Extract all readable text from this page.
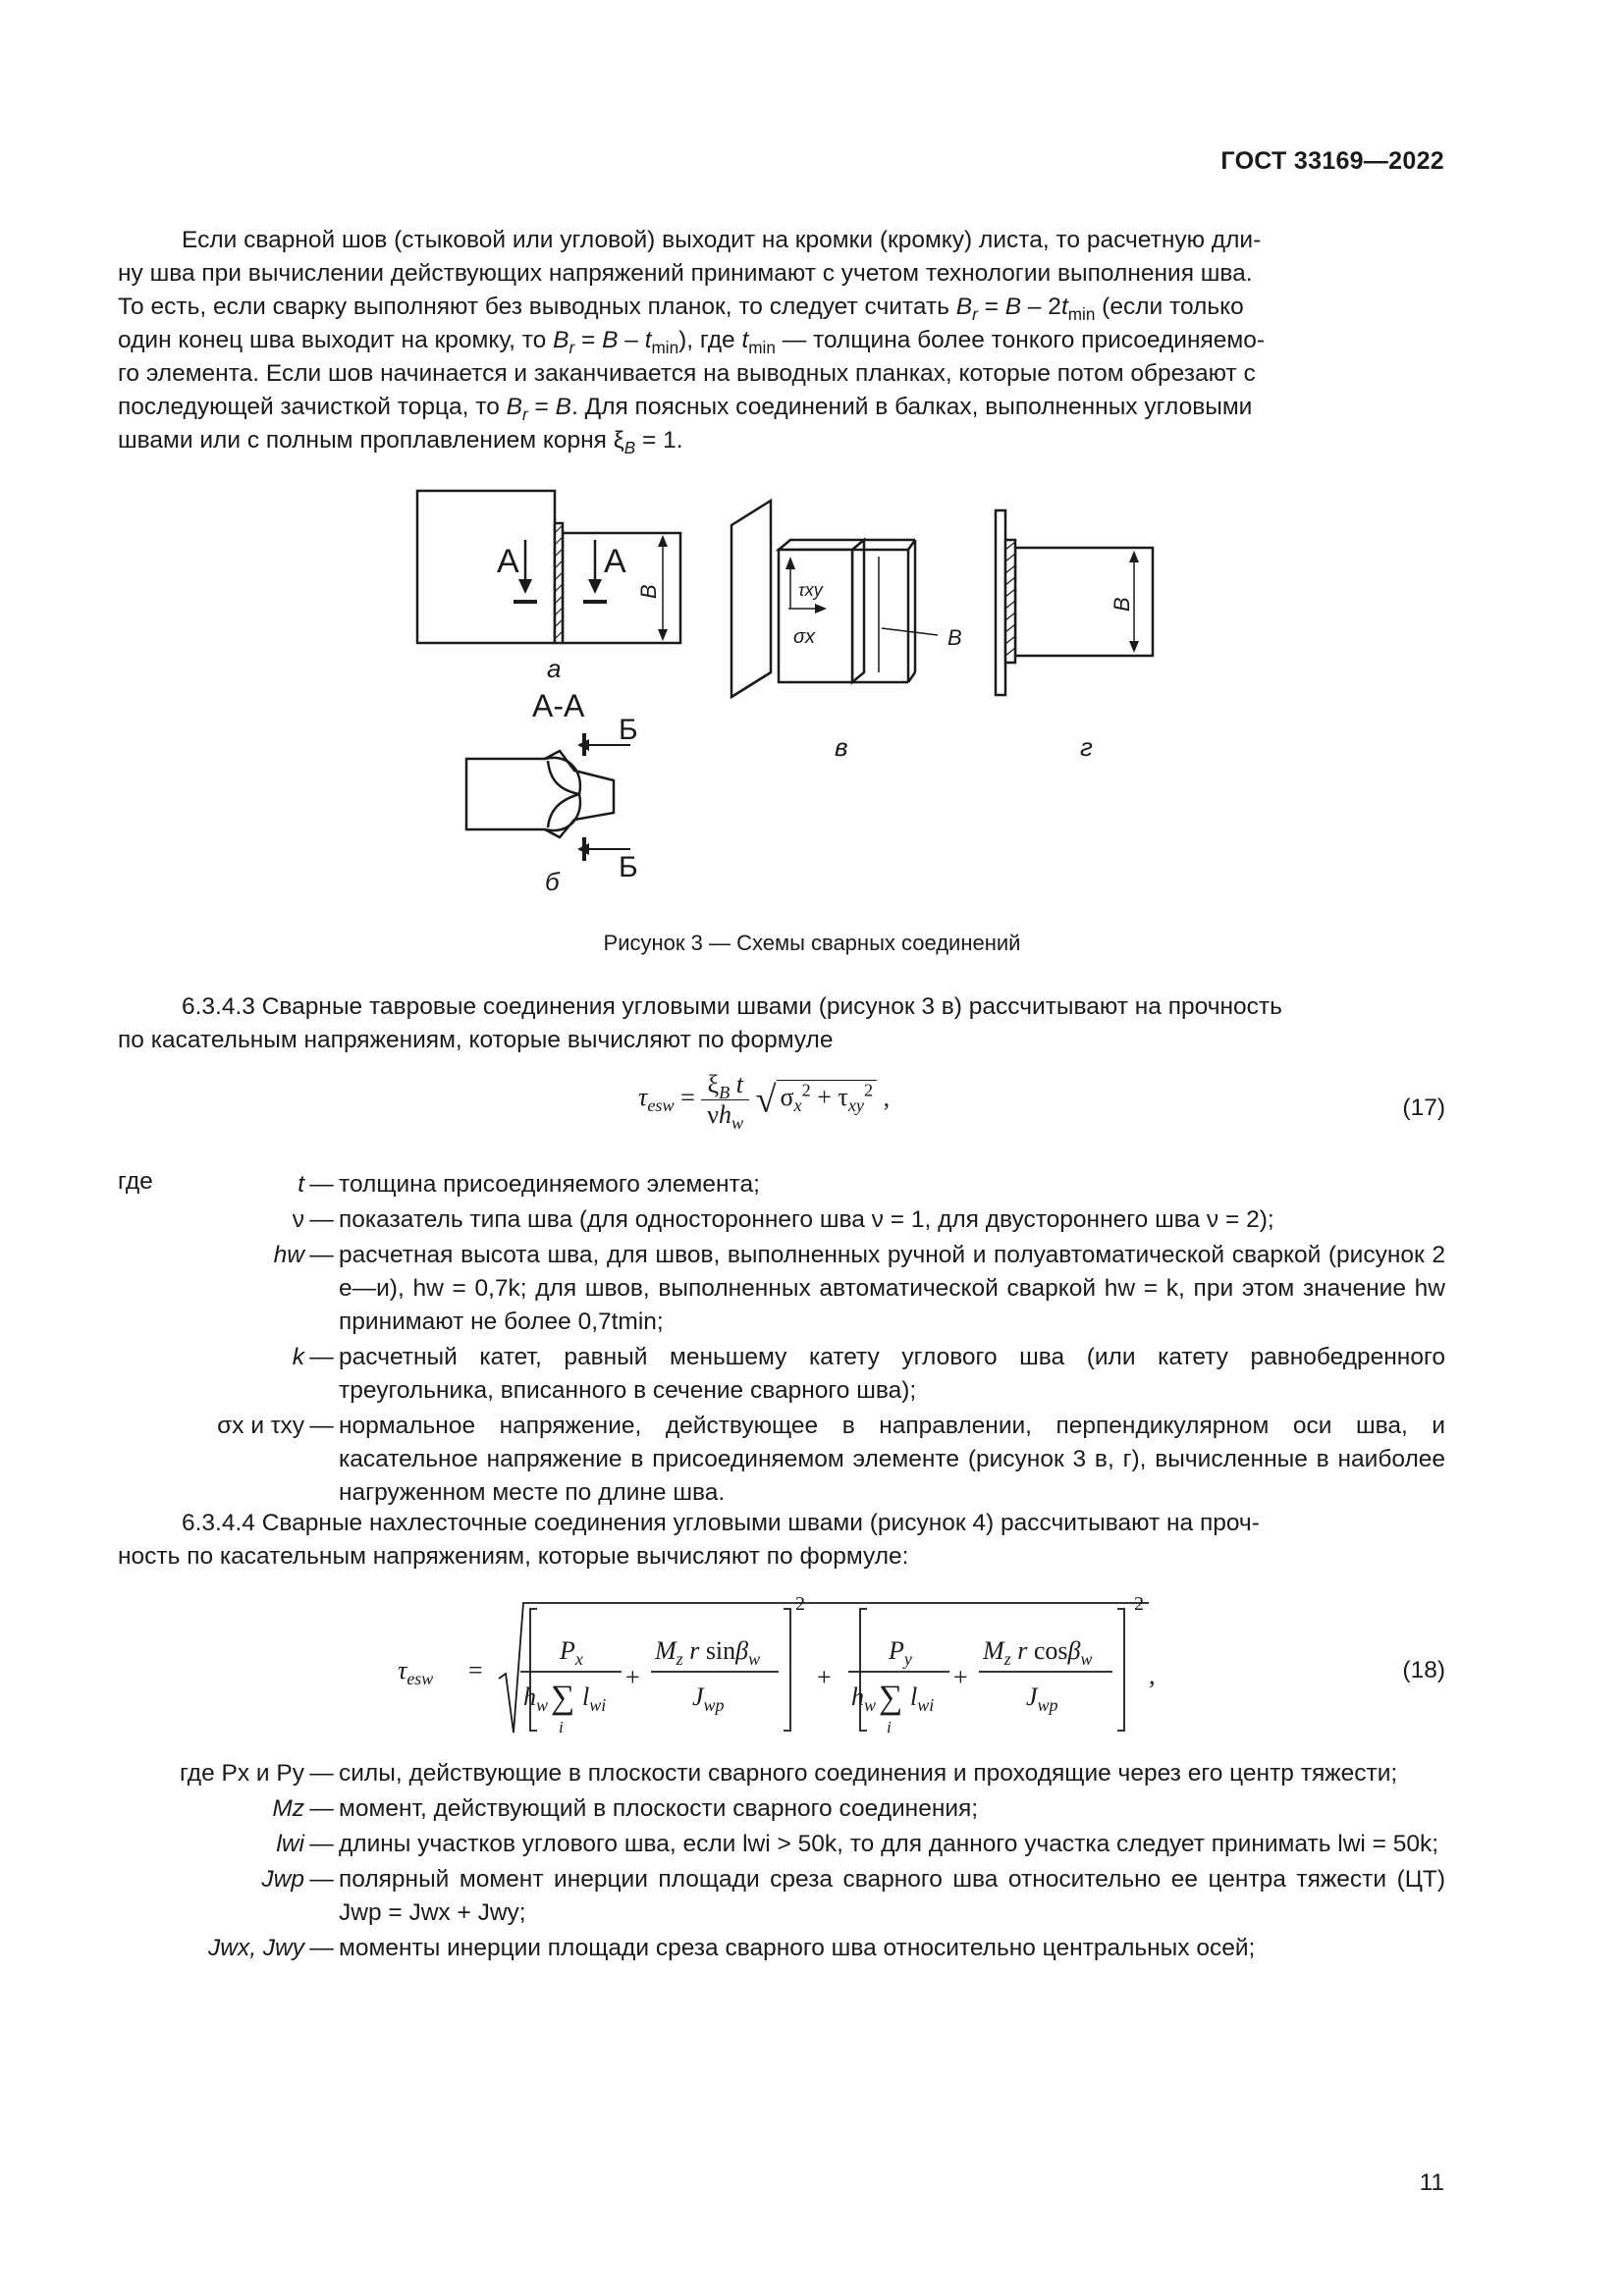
ГОСТ 33169—2022

Если сварной шов (стыковой или угловой) выходит на кромки (кромку) листа, то расчетную дли-

ну шва при вычислении действующих напряжений принимают с учетом технологии выполнения шва.

То есть, если сварку выполняют без выводных планок, то следует считать $B_r = B - 2t_{min}$ (если только

один конец шва выходит на кромку, то $B_r = B - t_{min}$), где $t_{min}$ — толщина более тонкого присоединяемо-

го элемента. Если шов начинается и заканчивается на выводных планках, которые потом обрезают с

последующей зачисткой торца, то $B_r = B$. Для поясных соединений в балках, выполненных угловыми

швами или с полным проплавлением корня $\xi_B = 1$.

А	А
B
а
А-А
Б
Б
б
τxy
σx	B
в
B
г
Рисунок 3 — Схемы сварных соединений

6.3.4.3 Сварные тавровые соединения угловыми швами (рисунок 3 в) рассчитывают на прочность

по касательным напряжениям, которые вычисляют по формуле

$\tau_{esw} = \frac{\xi_B t}{\nu h_w}$ √ $\sigma_x^2 + \tau_{xy}^2$ ,	(17)
где	t — толщина присоединяемого элемента;
ν — показатель типа шва (для одностороннего шва ν = 1, для двустороннего шва ν = 2);
hw — расчетная высота шва, для швов, выполненных ручной и полуавтоматической сваркой (рисунок 2 е—и), hw = 0,7k; для швов, выполненных автоматической сваркой hw = k, при этом значение hw принимают не более 0,7tmin;
k — расчетный катет, равный меньшему катету углового шва (или катету равнобедренного треугольника, вписанного в сечение сварного шва);
σx и τxy — нормальное напряжение, действующее в направлении, перпендикулярном оси шва, и касательное напряжение в присоединяемом элементе (рисунок 3 в, г), вычисленные в наиболее нагруженном месте по длине шва.

6.3.4.4 Сварные нахлесточные соединения угловыми швами (рисунок 4) рассчитывают на проч-

ность по касательным напряжениям, которые вычисляют по формуле:

$\tau_{esw}$ =
$P_x$
$h_w$ ∑
i
$l_{wi}$
+
$M_z$ r sinβ$_w$
$J_{wp}$
2
+
$P_y$
$h_w$ ∑
i
$l_{wi}$
+
$M_z$ r cosβ$_w$
$J_{wp}$
2
,	(18)
где Px и Py — силы, действующие в плоскости сварного соединения и проходящие через его центр тяжести;
Mz — момент, действующий в плоскости сварного соединения;
lwi — длины участков углового шва, если lwi > 50k, то для данного участка следует принимать lwi = 50k;
Jwp — полярный момент инерции площади среза сварного шва относительно ее центра тяжести (ЦТ) Jwp = Jwx + Jwy;
Jwx, Jwy — моменты инерции площади среза сварного шва относительно центральных осей;
11
